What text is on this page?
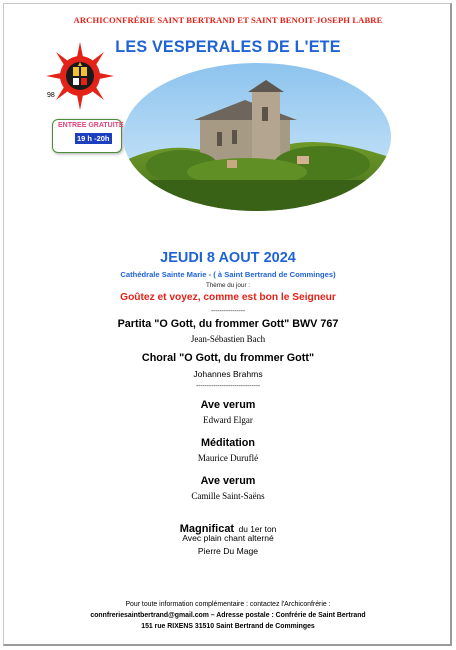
ARCHICONFRÉRIE SAINT BERTRAND ET SAINT BENOIT-JOSEPH LABRE
LES VESPERALES DE L'ETE
98
ENTREE GRATUITE
19 h -20h
JEUDI 8 AOUT 2024
Cathédrale Sainte Marie - ( à Saint Bertrand de Comminges)
Thème du jour :
Goûtez et voyez, comme est bon le Seigneur
----------------
Partita "O Gott, du frommer Gott" BWV 767
Jean-Sébastien Bach
Choral "O Gott, du frommer Gott"
Johannes Brahms
------------------------------
Ave verum
Edward Elgar
Méditation
Maurice Duruflé
Ave verum
Camille Saint-Saëns
Magnificat du 1er ton
Avec plain chant alterné
Pierre Du Mage
Pour toute information complémentaire : contactez l'Archiconfrérie :
connfreriesaintbertrand@gmail.com – Adresse postale : Confrérie de Saint Bertrand
151 rue RIXENS 31510 Saint Bertrand de Comminges
